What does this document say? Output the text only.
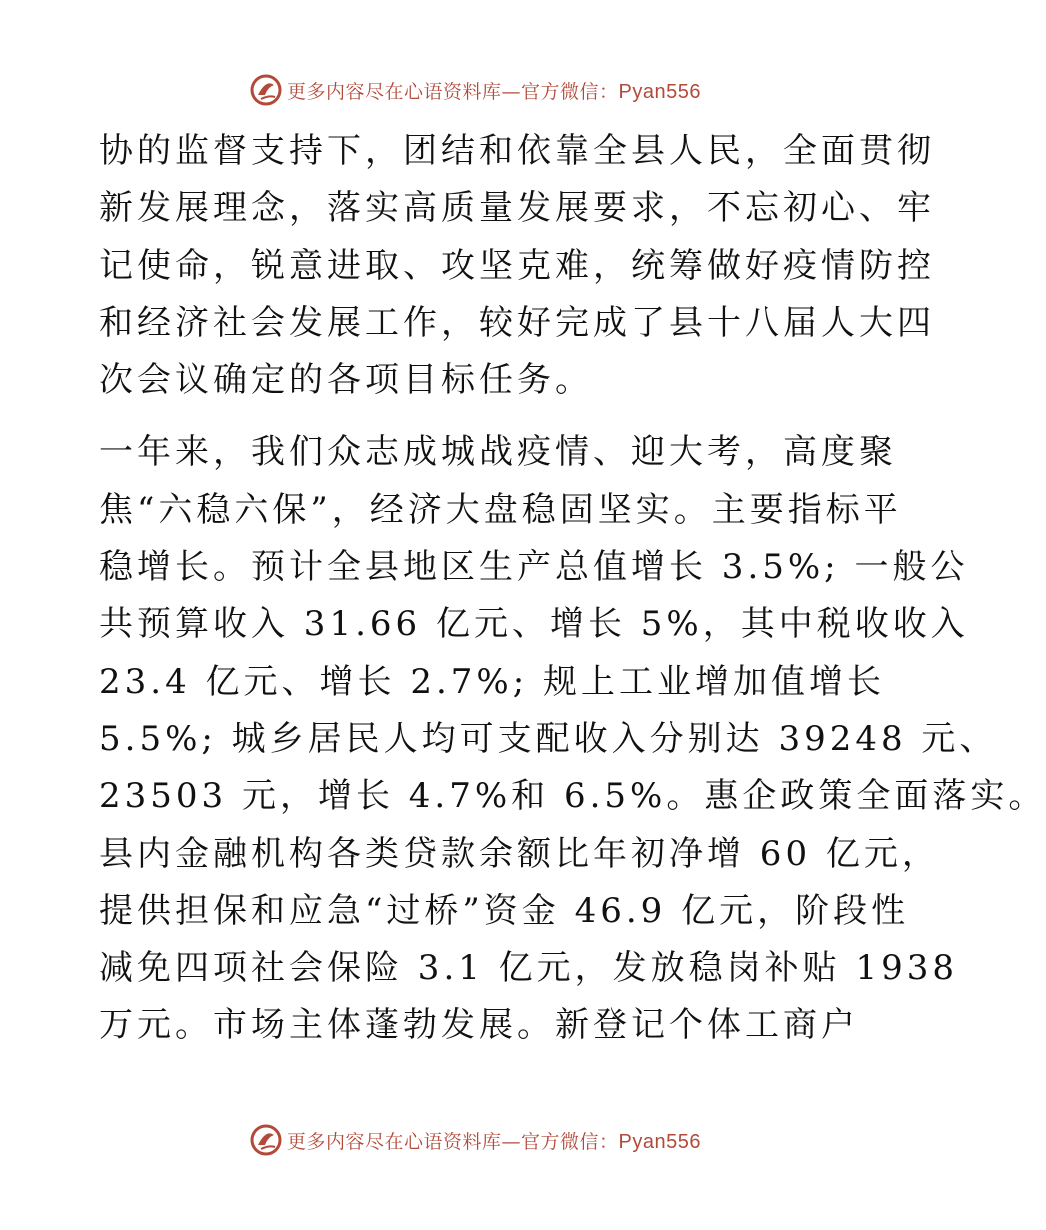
更多内容尽在心语资料库—官方微信：Pyan556
协的监督支持下，团结和依靠全县人民，全面贯彻
新发展理念，落实高质量发展要求，不忘初心、牢
记使命，锐意进取、攻坚克难，统筹做好疫情防控
和经济社会发展工作，较好完成了县十八届人大四
次会议确定的各项目标任务。
一年来，我们众志成城战疫情、迎大考，高度聚
焦“六稳六保”，经济大盘稳固坚实。主要指标平
稳增长。预计全县地区生产总值增长 3.5%; 一般公
共预算收入 31.66 亿元、增长 5%，其中税收收入
23.4 亿元、增长 2.7%; 规上工业增加值增长
5.5%; 城乡居民人均可支配收入分别达 39248 元、
23503 元，增长 4.7%和 6.5%。惠企政策全面落实。
县内金融机构各类贷款余额比年初净增 60 亿元，
提供担保和应急“过桥”资金 46.9 亿元，阶段性
减免四项社会保险 3.1 亿元，发放稳岗补贴 1938
万元。市场主体蓬勃发展。新登记个体工商户
更多内容尽在心语资料库—官方微信：Pyan556
